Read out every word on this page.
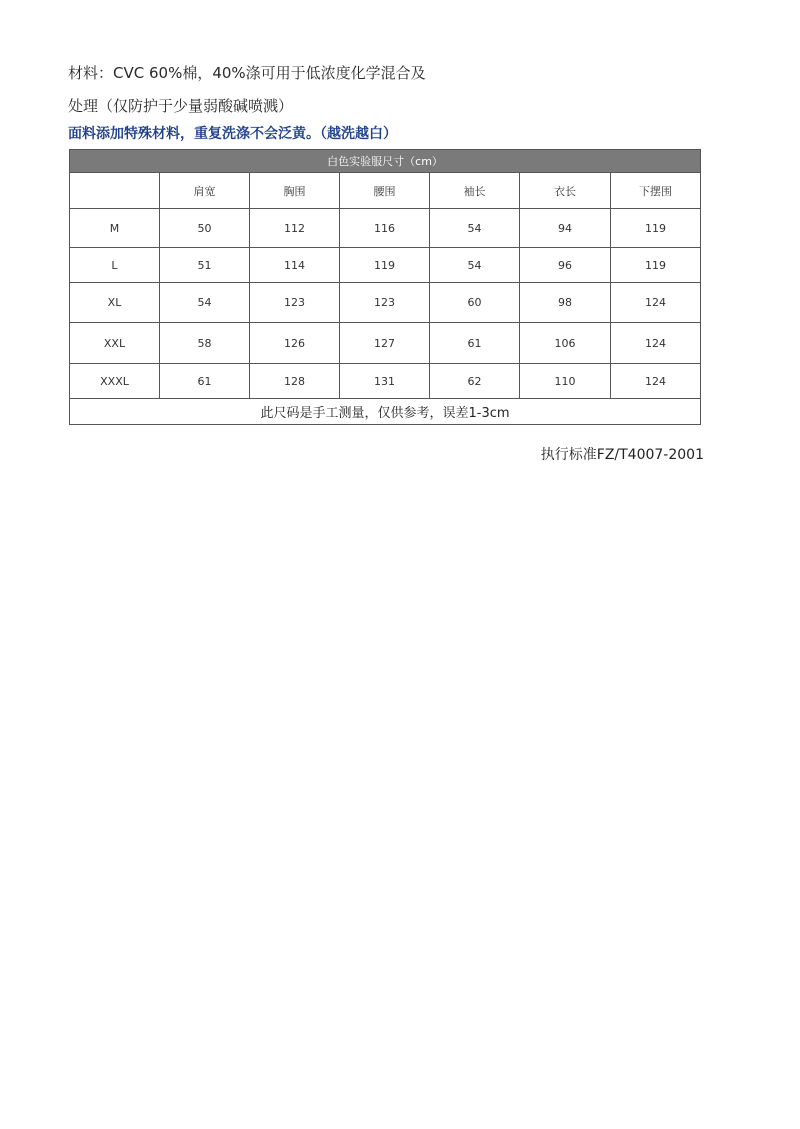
材料：CVC 60%棉，40%涤可用于低浓度化学混合及
处理（仅防护于少量弱酸碱喷溅）
面料添加特殊材料，重复洗涤不会泛黄。（越洗越白）
白色实验服尺寸（cm）						
	肩宽	胸围	腰围	袖长	衣长	下摆围
M	50	112	116	54	94	119
L	51	114	119	54	96	119
XL	54	123	123	60	98	124
XXL	58	126	127	61	106	124
XXXL	61	128	131	62	110	124
此尺码是手工测量，仅供参考，误差1-3cm						
执行标准FZ/T4007-2001
